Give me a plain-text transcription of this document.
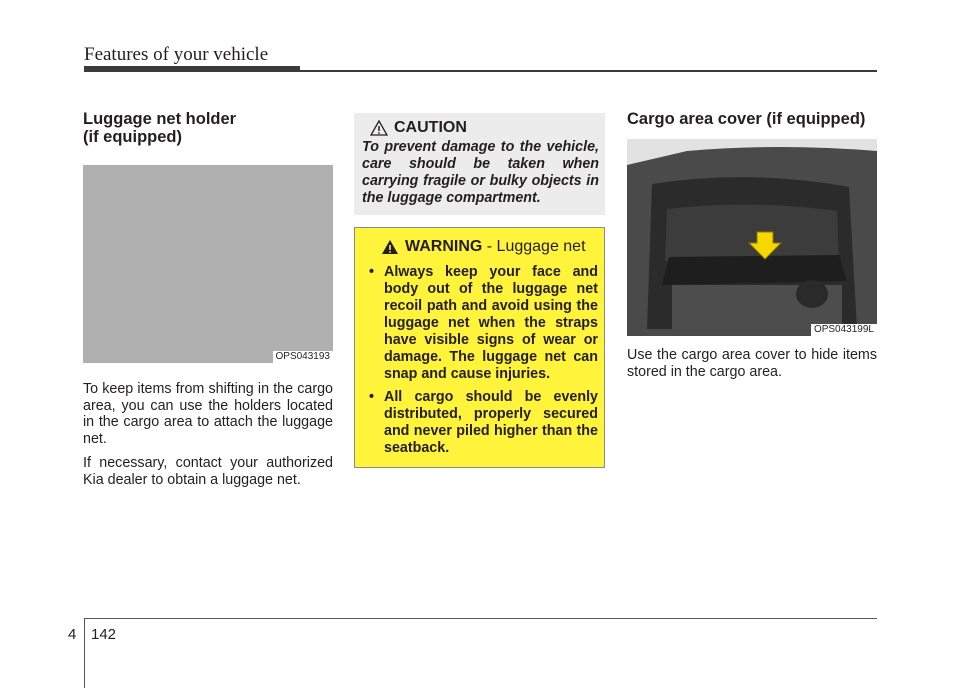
Features of your vehicle
Luggage net holder
(if equipped)
OPS043193

To keep items from shifting in the cargo area, you can use the holders located in the cargo area to attach the luggage net.

If necessary, contact your authorized Kia dealer to obtain a luggage net.

CAUTION
To prevent damage to the vehicle, care should be taken when carrying fragile or bulky objects in the luggage compartment.
WARNING - Luggage net
• Always keep your face and body out of the luggage net recoil path and avoid using the luggage net when the straps have visible signs of wear or damage. The luggage net can snap and cause injuries.
• All cargo should be evenly distributed, properly secured and never piled higher than the seatback.
Cargo area cover (if equipped)
OPS043199L

Use the cargo area cover to hide items stored in the cargo area.

4 142
